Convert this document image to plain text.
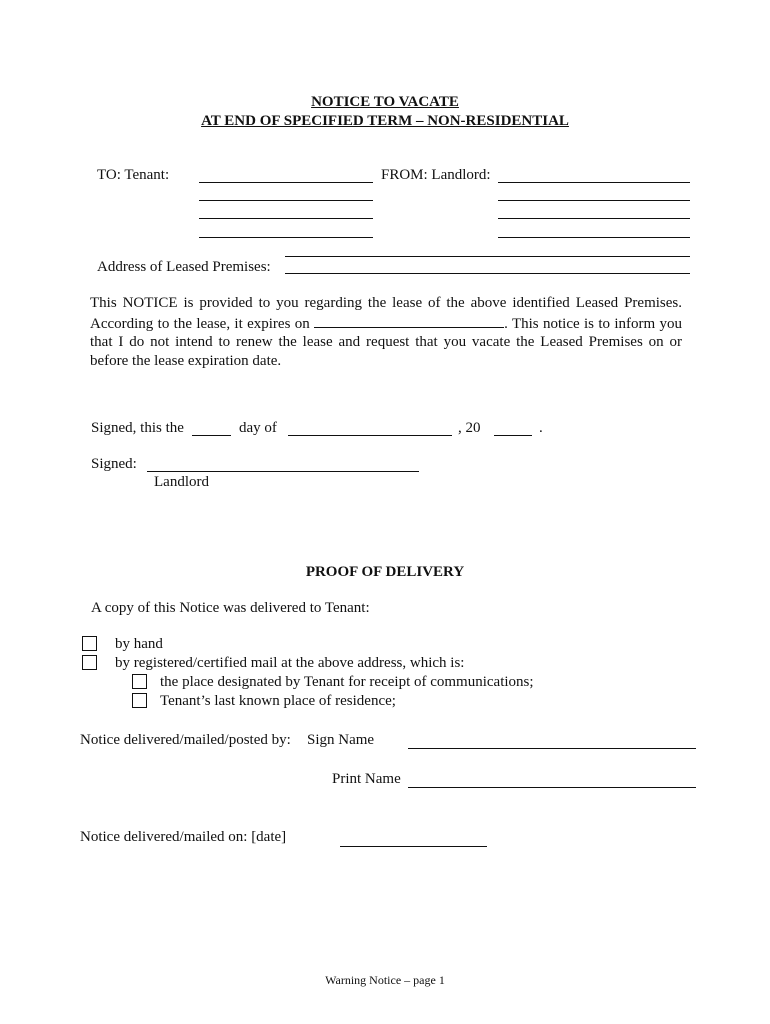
NOTICE TO VACATE
AT END OF SPECIFIED TERM – NON-RESIDENTIAL
TO: Tenant:	FROM: Landlord:
Address of Leased Premises:
This NOTICE is provided to you regarding the lease of the above identified Leased Premises. According to the lease, it expires on	. This notice is to inform you that I do not intend to renew the lease and request that you vacate the Leased Premises on or before the lease expiration date.
Signed, this the	day of	, 20	.
Signed:
Landlord
PROOF OF DELIVERY
A copy of this Notice was delivered to Tenant:
by hand
by registered/certified mail at the above address, which is:
the place designated by Tenant for receipt of communications;
Tenant’s last known place of residence;
Notice delivered/mailed/posted by: Sign Name
Print Name
Notice delivered/mailed on: [date]
Warning Notice – page 1
